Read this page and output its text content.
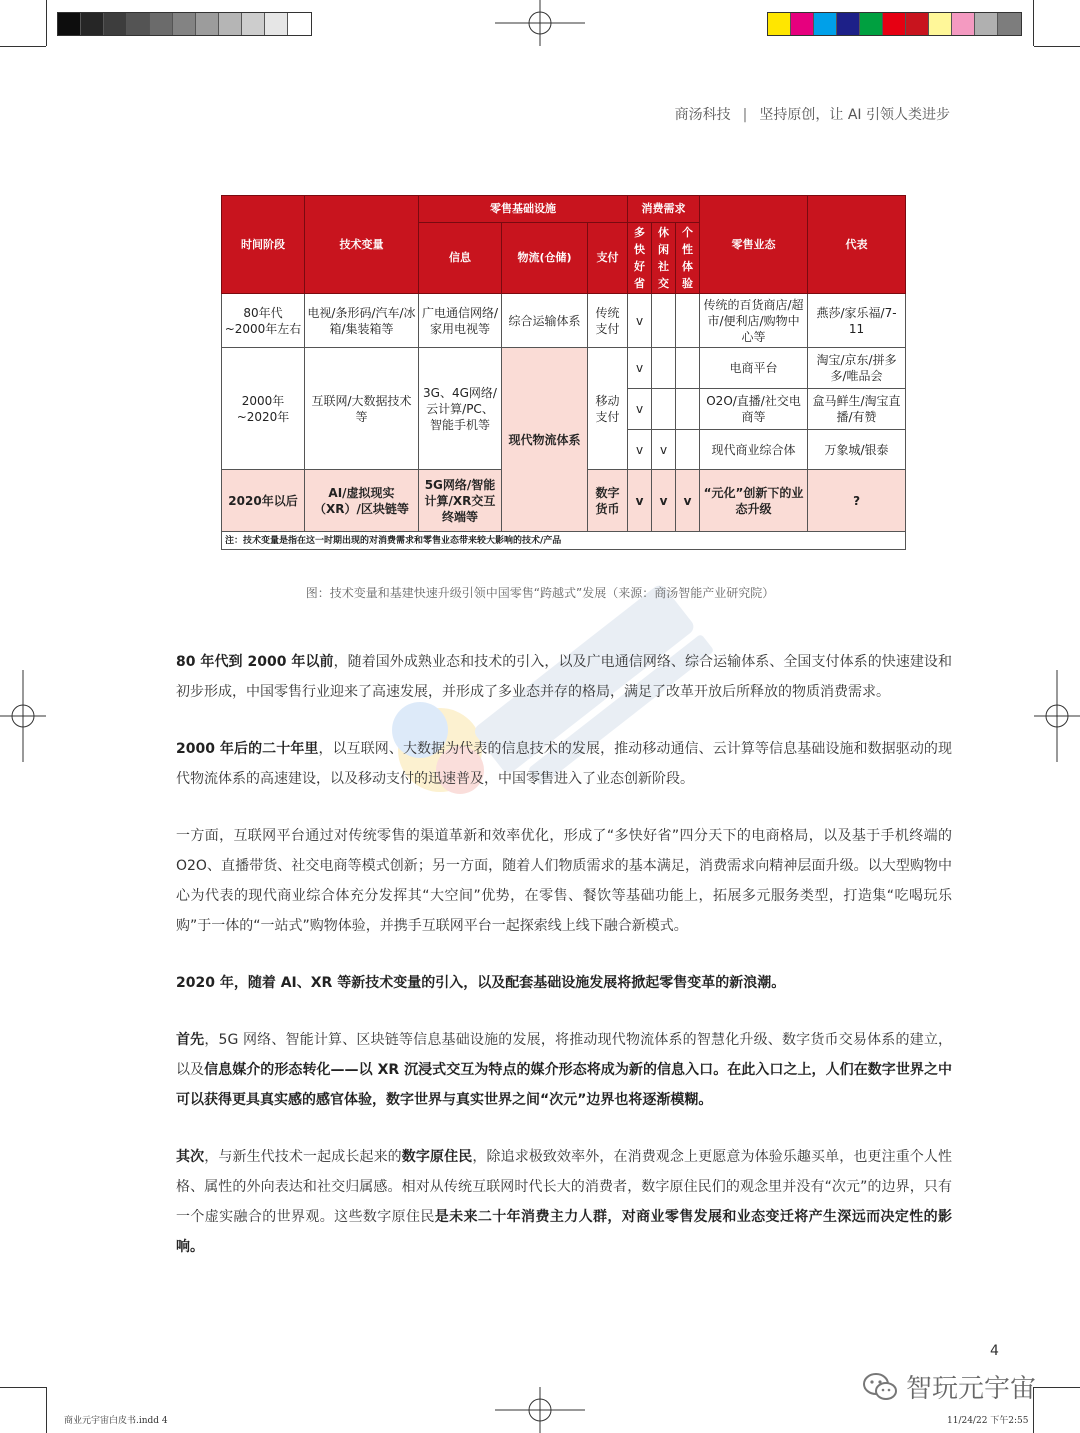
商汤科技 | 坚持原创，让 AI 引领人类进步
时间阶段	技术变量	零售基础设施			消费需求			零售业态	代表
		信息	物流(仓储)	支付	多快好省	休闲社交	个性体验		
80年代~2000年左右	电视/条形码/汽车/冰箱/集装箱等	广电通信网络/家用电视等	综合运输体系	传统支付	v			传统的百货商店/超市/便利店/购物中心等	燕莎/家乐福/7-11
2000年~2020年	互联网/大数据技术等	3G、4G网络/云计算/PC、智能手机等	现代物流体系	移动支付	v			电商平台	淘宝/京东/拼多多/唯品会
					v			O2O/直播/社交电商等	盒马鲜生/淘宝直播/有赞
					v	v		现代商业综合体	万象城/银泰
2020年以后	AI/虚拟现实（XR）/区块链等	5G网络/智能计算/XR交互终端等		数字货币	v	v	v	“元化”创新下的业态升级	?
注：技术变量是指在这一时期出现的对消费需求和零售业态带来较大影响的技术/产品									
图：技术变量和基建快速升级引领中国零售“跨越式”发展（来源：商汤智能产业研究院）

80 年代到 2000 年以前，随着国外成熟业态和技术的引入，以及广电通信网络、综合运输体系、全国支付体系的快速建设和初步形成，中国零售行业迎来了高速发展，并形成了多业态并存的格局，满足了改革开放后所释放的物质消费需求。

2000 年后的二十年里，以互联网、大数据为代表的信息技术的发展，推动移动通信、云计算等信息基础设施和数据驱动的现代物流体系的高速建设，以及移动支付的迅速普及，中国零售进入了业态创新阶段。

一方面，互联网平台通过对传统零售的渠道革新和效率优化，形成了“多快好省”四分天下的电商格局，以及基于手机终端的 O2O、直播带货、社交电商等模式创新；另一方面，随着人们物质需求的基本满足，消费需求向精神层面升级。以大型购物中心为代表的现代商业综合体充分发挥其“大空间”优势，在零售、餐饮等基础功能上，拓展多元服务类型，打造集“吃喝玩乐购”于一体的“一站式”购物体验，并携手互联网平台一起探索线上线下融合新模式。

2020 年，随着 AI、XR 等新技术变量的引入，以及配套基础设施发展将掀起零售变革的新浪潮。

首先，5G 网络、智能计算、区块链等信息基础设施的发展，将推动现代物流体系的智慧化升级、数字货币交易体系的建立，以及信息媒介的形态转化——以 XR 沉浸式交互为特点的媒介形态将成为新的信息入口。在此入口之上，人们在数字世界之中可以获得更具真实感的感官体验，数字世界与真实世界之间“次元”边界也将逐渐模糊。

其次，与新生代技术一起成长起来的数字原住民，除追求极致效率外，在消费观念上更愿意为体验乐趣买单，也更注重个人性格、属性的外向表达和社交归属感。相对从传统互联网时代长大的消费者，数字原住民们的观念里并没有“次元”的边界，只有一个虚实融合的世界观。这些数字原住民是未来二十年消费主力人群，对商业零售发展和业态变迁将产生深远而决定性的影响。

4
智玩元宇宙
商业元宇宙白皮书.indd 4	11/24/22 下午2:55
